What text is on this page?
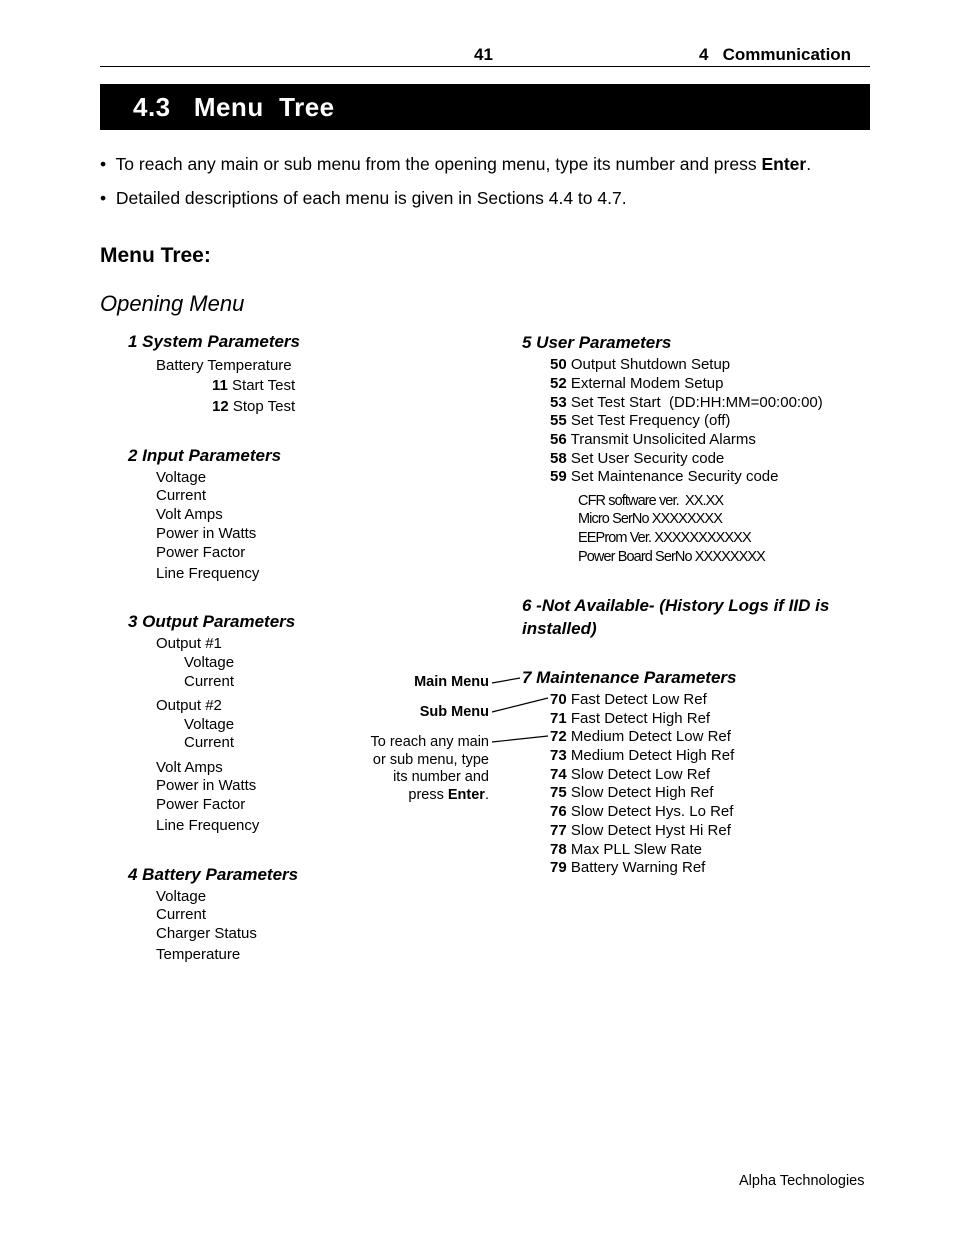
41	4   Communication
4.3   Menu  Tree
•  To reach any main or sub menu from the opening menu, type its number and press Enter.
•  Detailed descriptions of each menu is given in Sections 4.4 to 4.7.
Menu Tree:
Opening Menu
1 System Parameters
Battery Temperature
11 Start Test
12 Stop Test
2 Input Parameters
Voltage
Current
Volt Amps
Power in Watts
Power Factor
Line Frequency
3 Output Parameters
Output #1
Voltage
Current
Output #2
Voltage
Current
Volt Amps
Power in Watts
Power Factor
Line Frequency
4 Battery Parameters
Voltage
Current
Charger Status
Temperature
5 User Parameters
50 Output Shutdown Setup
52 External Modem Setup
53 Set Test Start  (DD:HH:MM=00:00:00)
55 Set Test Frequency (off)
56 Transmit Unsolicited Alarms
58 Set User Security code
59 Set Maintenance Security code
CFR software ver.  XX.XX
Micro SerNo XXXXXXXX
EEProm Ver. XXXXXXXXXXX
Power Board SerNo XXXXXXXX
6 -Not Available- (History Logs if IID is
installed)
7 Maintenance Parameters
70 Fast Detect Low Ref
71 Fast Detect High Ref
72 Medium Detect Low Ref
73 Medium Detect High Ref
74 Slow Detect Low Ref
75 Slow Detect High Ref
76 Slow Detect Hys. Lo Ref
77 Slow Detect Hyst Hi Ref
78 Max PLL Slew Rate
79 Battery Warning Ref
Main Menu
Sub Menu
To reach any main
or sub menu, type
its number and
press Enter.
Alpha Technologies
